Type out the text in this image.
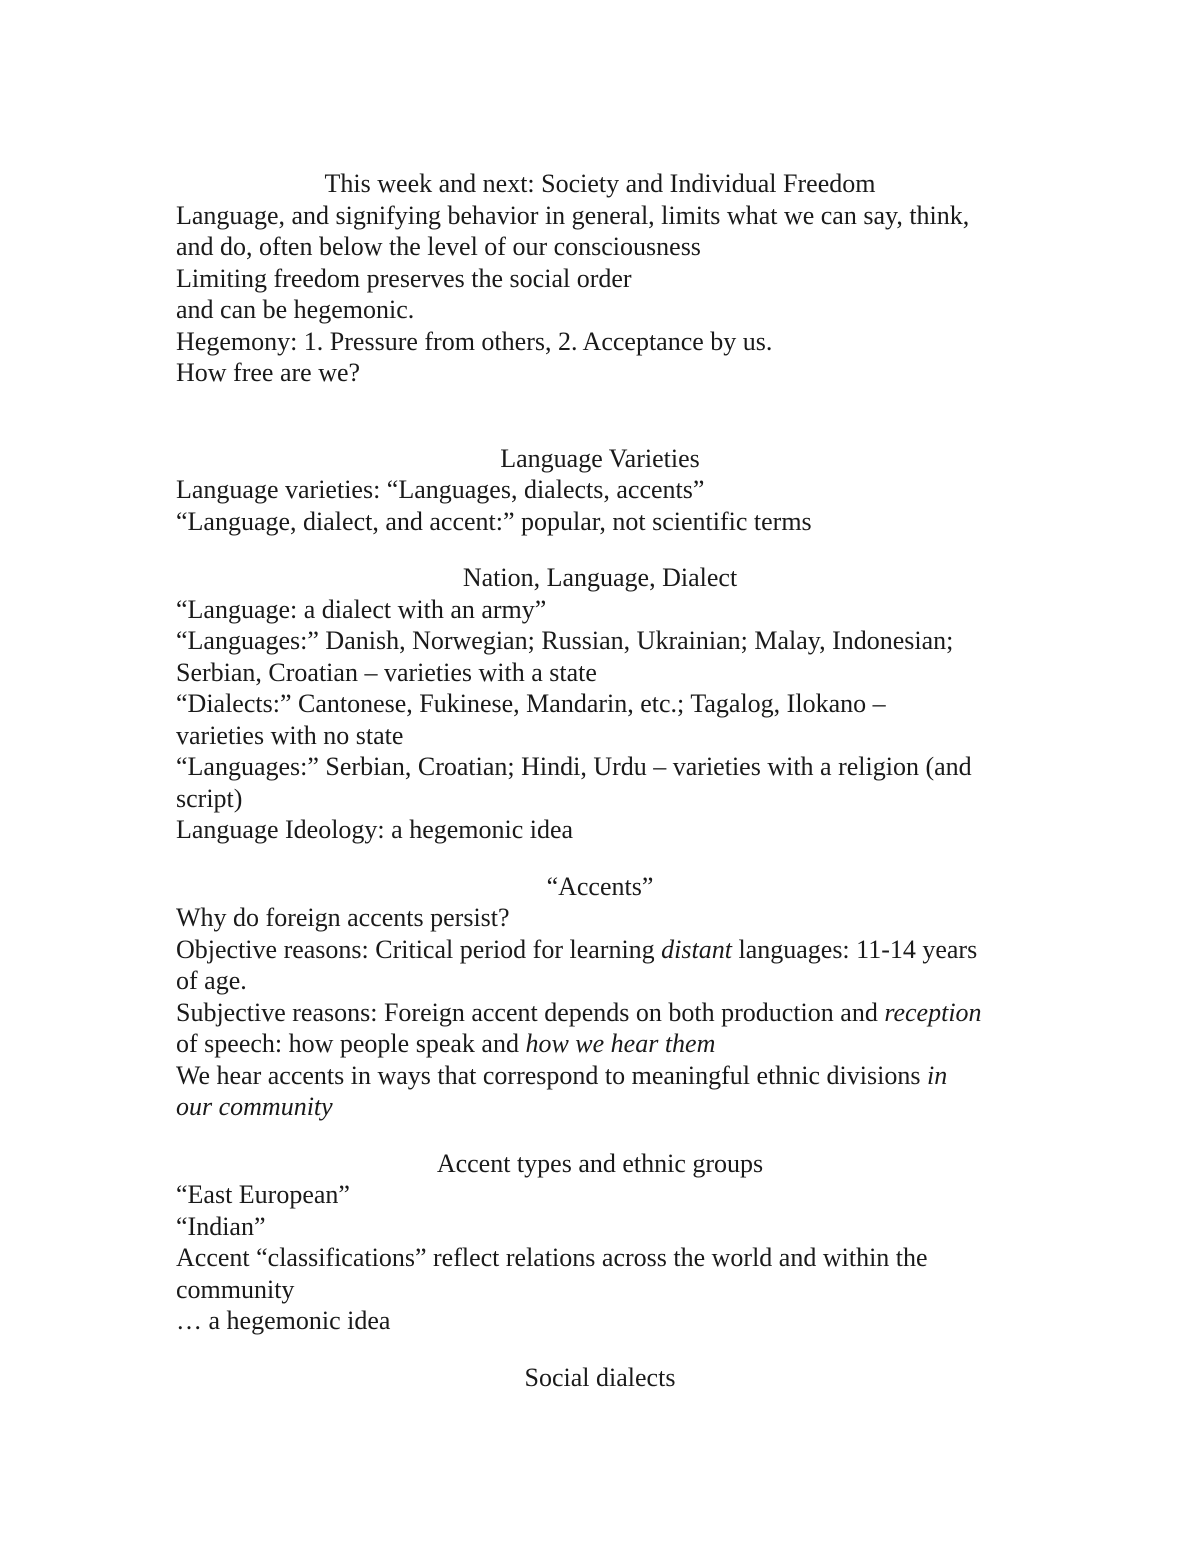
This week and next: Society and Individual Freedom
Language, and signifying behavior in general, limits what we can say, think,
and do, often below the level of our consciousness
Limiting freedom preserves the social order
and can be hegemonic.
Hegemony: 1. Pressure from others, 2. Acceptance by us.
How free are we?
Language Varieties
Language varieties: “Languages, dialects, accents”
“Language, dialect, and accent:” popular, not scientific terms
Nation, Language, Dialect
“Language: a dialect with an army”
“Languages:” Danish, Norwegian; Russian, Ukrainian; Malay, Indonesian;
Serbian, Croatian – varieties with a state
“Dialects:” Cantonese, Fukinese, Mandarin, etc.; Tagalog, Ilokano –
varieties with no state
“Languages:” Serbian, Croatian; Hindi, Urdu – varieties with a religion (and
script)
Language Ideology: a hegemonic idea
“Accents”
Why do foreign accents persist?
Objective reasons: Critical period for learning distant languages: 11-14 years
of age.
Subjective reasons: Foreign accent depends on both production and reception
of speech: how people speak and how we hear them
We hear accents in ways that correspond to meaningful ethnic divisions in
our community
Accent types and ethnic groups
“East European”
“Indian”
Accent “classifications” reflect relations across the world and within the
community
… a hegemonic idea
Social dialects
